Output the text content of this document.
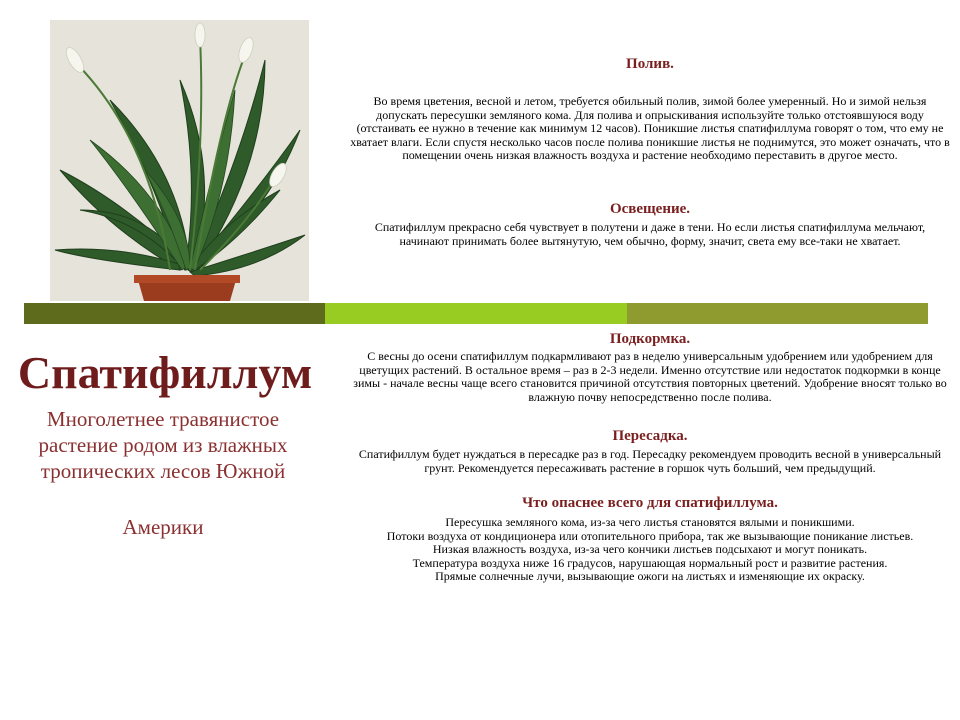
Полив.

Во время цветения, весной и летом, требуется обильный полив, зимой более умеренный. Но и зимой нельзя допускать пересушки земляного кома. Для полива и опрыскивания используйте только отстоявшуюся воду (отстаивать ее нужно в течение как минимум 12 часов). Поникшие листья спатифиллума говорят о том, что ему не хватает влаги. Если спустя несколько часов после полива поникшие листья не поднимутся, это может означать, что в помещении очень низкая влажность воздуха и растение необходимо переставить в другое место.

Освещение.

Спатифиллум прекрасно себя чувствует в полутени и даже в тени. Но если листья спатифиллума мельчают, начинают принимать более вытянутую, чем обычно, форму, значит, света ему все-таки не хватает.

Подкормка.

С весны до осени спатифиллум подкармливают раз в неделю универсальным удобрением или удобрением для цветущих растений. В остальное время – раз в 2-3 недели. Именно отсутствие или недостаток подкормки в конце зимы - начале весны чаще всего становится причиной отсутствия повторных цветений. Удобрение вносят только во влажную почву непосредственно после полива.

Пересадка.

Спатифиллум будет нуждаться в пересадке раз в год. Пересадку рекомендуем проводить весной в универсальный грунт. Рекомендуется пересаживать растение в горшок чуть больший, чем предыдущий.

Что опаснее всего для спатифиллума.

Пересушка земляного кома, из-за чего листья становятся вялыми и поникшими.

Потоки воздуха от кондиционера или отопительного прибора, так же вызывающие поникание листьев.

Низкая влажность воздуха, из-за чего кончики листьев подсыхают и могут поникать.

Температура воздуха ниже 16 градусов, нарушающая нормальный рост и развитие растения.

Прямые солнечные лучи, вызывающие ожоги на листьях и изменяющие их окраску.

Спатифиллум

Многолетнее травянистое растение родом из влажных тропических лесов Южной

Америки
